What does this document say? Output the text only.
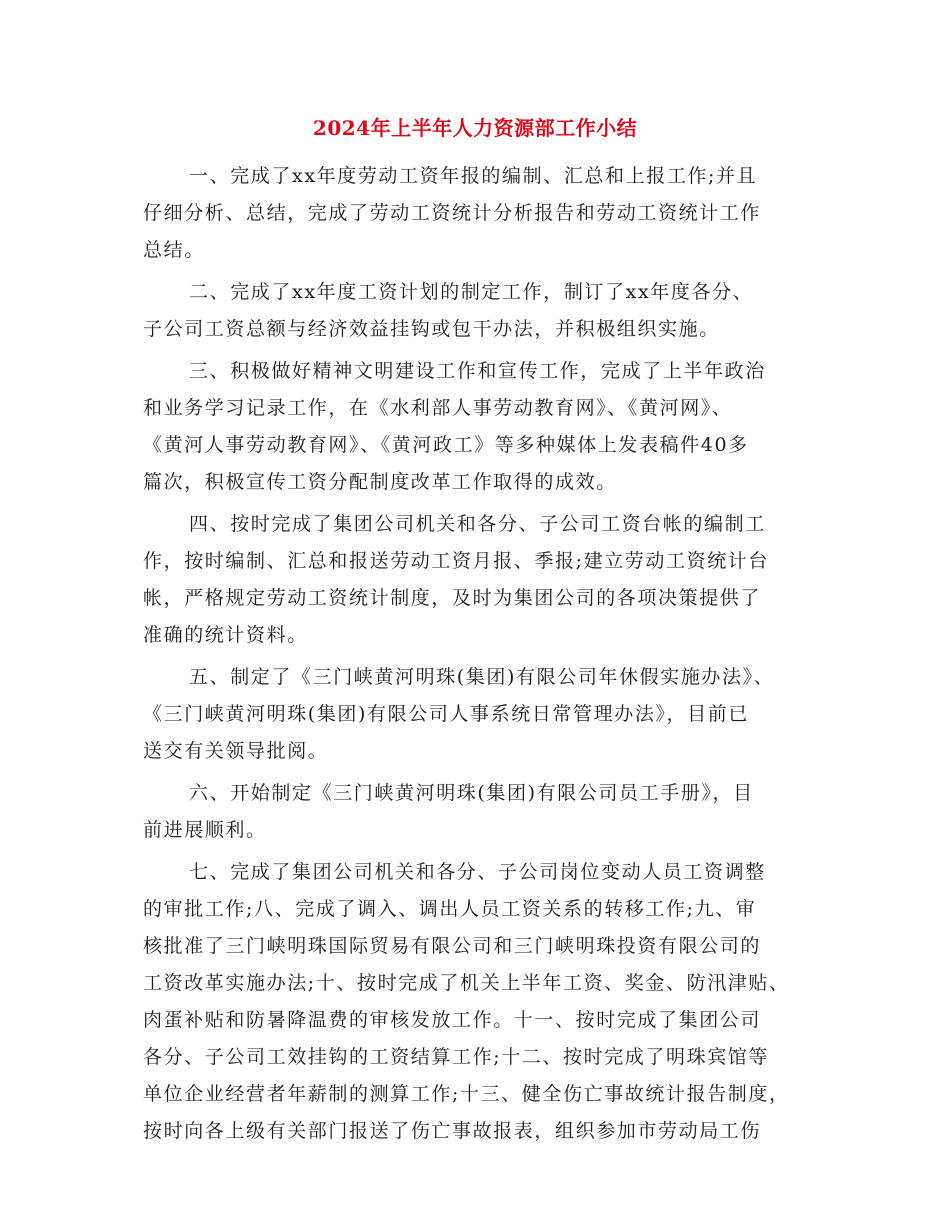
2024年上半年人力资源部工作小结
一、完成了xx年度劳动工资年报的编制、汇总和上报工作;并且
仔细分析、总结，完成了劳动工资统计分析报告和劳动工资统计工作
总结。
二、完成了xx年度工资计划的制定工作，制订了xx年度各分、
子公司工资总额与经济效益挂钩或包干办法，并积极组织实施。
三、积极做好精神文明建设工作和宣传工作，完成了上半年政治
和业务学习记录工作，在《水利部人事劳动教育网》、《黄河网》、
《黄河人事劳动教育网》、《黄河政工》等多种媒体上发表稿件40多
篇次，积极宣传工资分配制度改革工作取得的成效。
四、按时完成了集团公司机关和各分、子公司工资台帐的编制工
作，按时编制、汇总和报送劳动工资月报、季报;建立劳动工资统计台
帐，严格规定劳动工资统计制度，及时为集团公司的各项决策提供了
准确的统计资料。
五、制定了《三门峡黄河明珠(集团)有限公司年休假实施办法》、
《三门峡黄河明珠(集团)有限公司人事系统日常管理办法》，目前已
送交有关领导批阅。
六、开始制定《三门峡黄河明珠(集团)有限公司员工手册》，目
前进展顺利。
七、完成了集团公司机关和各分、子公司岗位变动人员工资调整
的审批工作;八、完成了调入、调出人员工资关系的转移工作;九、审
核批准了三门峡明珠国际贸易有限公司和三门峡明珠投资有限公司的
工资改革实施办法;十、按时完成了机关上半年工资、奖金、防汛津贴、
肉蛋补贴和防暑降温费的审核发放工作。十一、按时完成了集团公司
各分、子公司工效挂钩的工资结算工作;十二、按时完成了明珠宾馆等
单位企业经营者年薪制的测算工作;十三、健全伤亡事故统计报告制度，
按时向各上级有关部门报送了伤亡事故报表，组织参加市劳动局工伤
